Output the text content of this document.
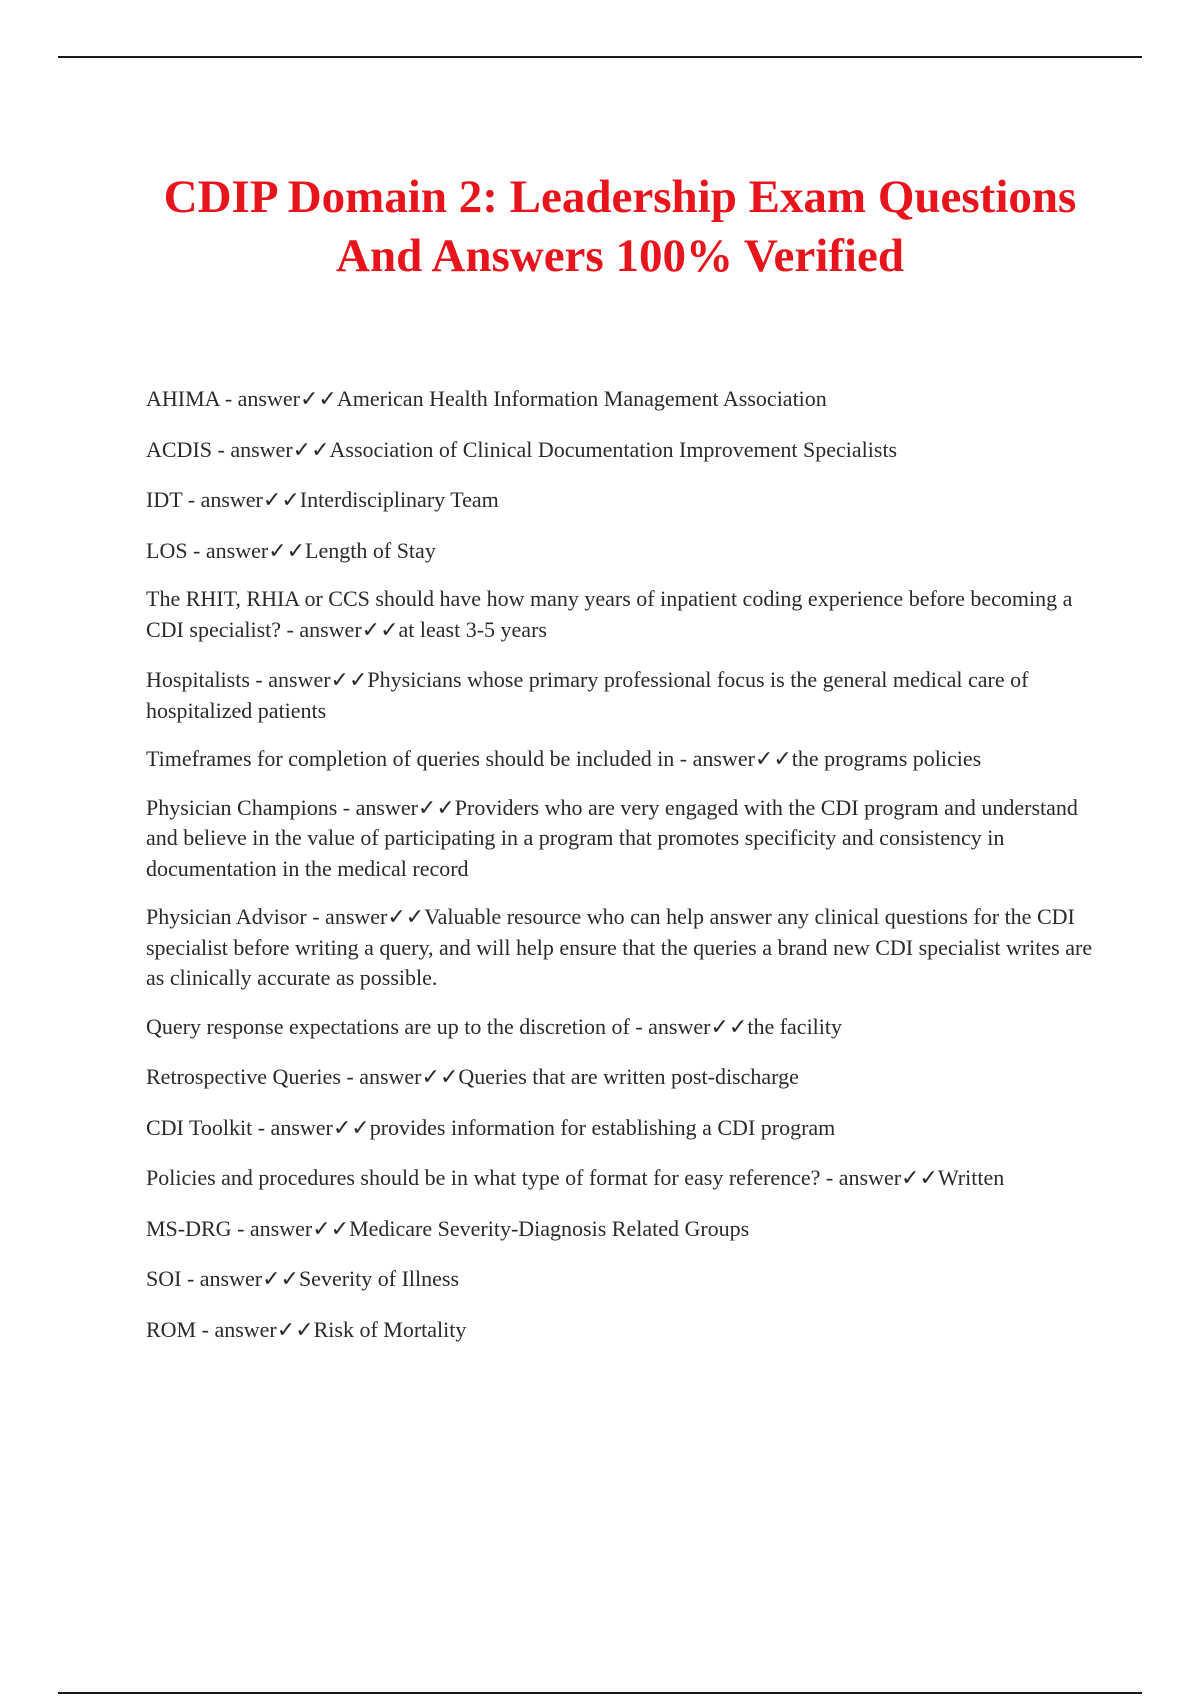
CDIP Domain 2: Leadership Exam Questions
And Answers 100% Verified
AHIMA - answer✓✓American Health Information Management Association
ACDIS - answer✓✓Association of Clinical Documentation Improvement Specialists
IDT - answer✓✓Interdisciplinary Team
LOS - answer✓✓Length of Stay
The RHIT, RHIA or CCS should have how many years of inpatient coding experience before becoming a CDI specialist? - answer✓✓at least 3-5 years
Hospitalists - answer✓✓Physicians whose primary professional focus is the general medical care of hospitalized patients
Timeframes for completion of queries should be included in - answer✓✓the programs policies
Physician Champions - answer✓✓Providers who are very engaged with the CDI program and understand and believe in the value of participating in a program that promotes specificity and consistency in documentation in the medical record
Physician Advisor - answer✓✓Valuable resource who can help answer any clinical questions for the CDI specialist before writing a query, and will help ensure that the queries a brand new CDI specialist writes are as clinically accurate as possible.
Query response expectations are up to the discretion of - answer✓✓the facility
Retrospective Queries - answer✓✓Queries that are written post-discharge
CDI Toolkit - answer✓✓provides information for establishing a CDI program
Policies and procedures should be in what type of format for easy reference? - answer✓✓Written
MS-DRG - answer✓✓Medicare Severity-Diagnosis Related Groups
SOI - answer✓✓Severity of Illness
ROM - answer✓✓Risk of Mortality
